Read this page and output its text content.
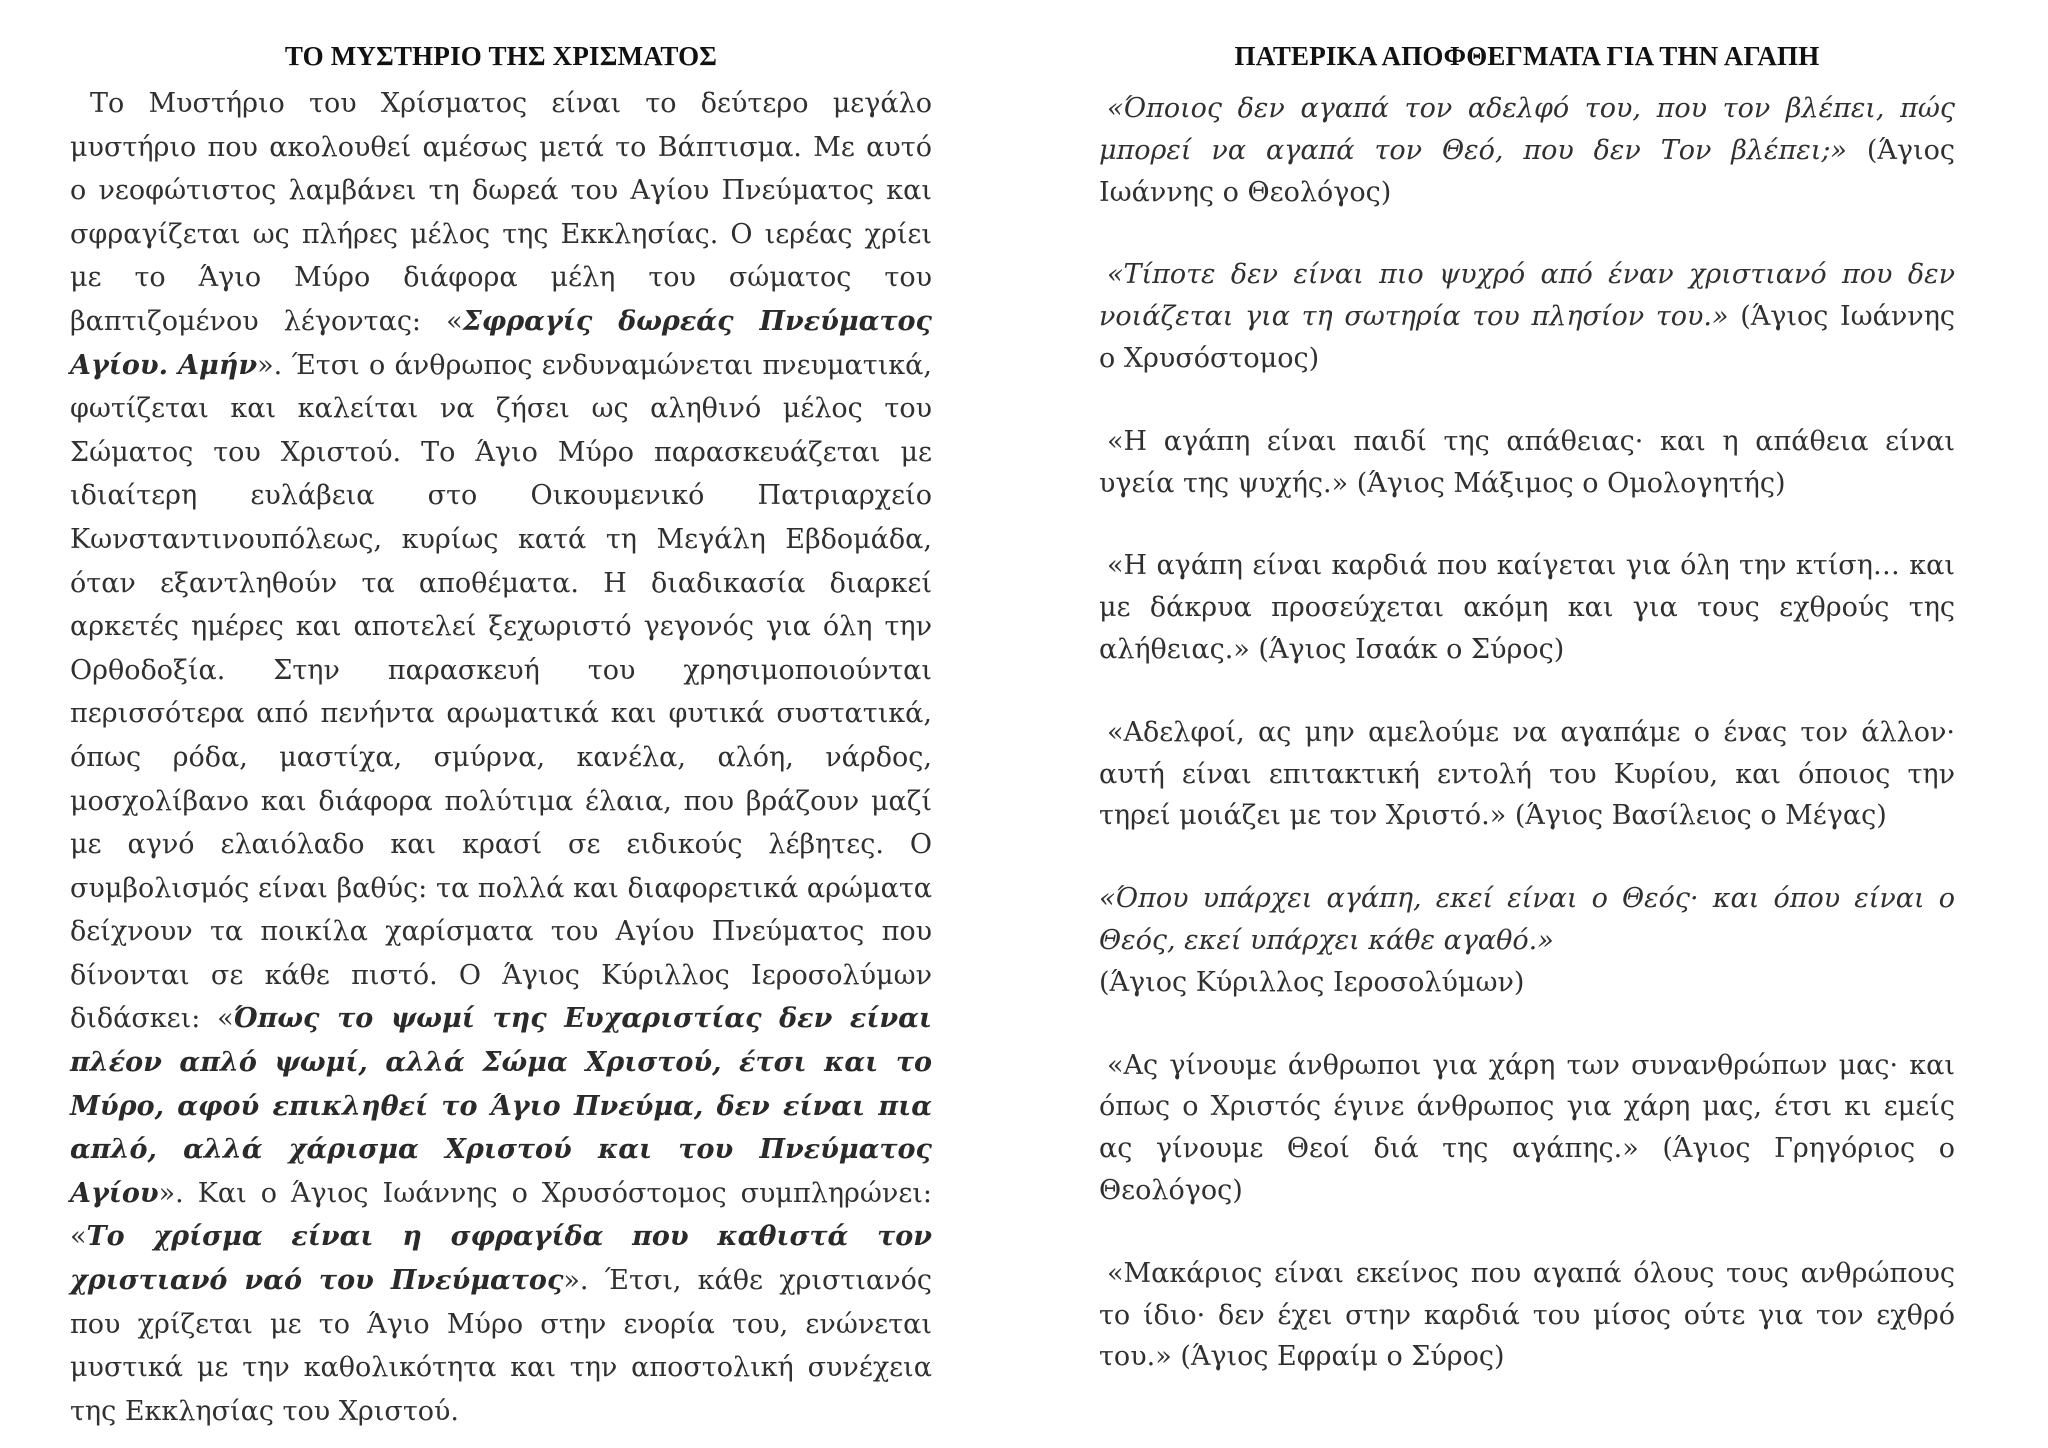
ΤΟ ΜΥΣΤΗΡΙΟ ΤΗΣ ΧΡΙΣΜΑΤΟΣ

Το Μυστήριο του Χρίσματος είναι το δεύτερο μεγάλο μυστήριο που ακολουθεί αμέσως μετά το Βάπτισμα. Με αυτό ο νεοφώτιστος λαμβάνει τη δωρεά του Αγίου Πνεύματος και σφραγίζεται ως πλήρες μέλος της Εκκλησίας. Ο ιερέας χρίει με το Άγιο Μύρο διάφορα μέλη του σώματος του βαπτιζομένου λέγοντας: «Σφραγίς δωρεάς Πνεύματος Αγίου. Αμήν». Έτσι ο άνθρωπος ενδυναμώνεται πνευματικά, φωτίζεται και καλείται να ζήσει ως αληθινό μέλος του Σώματος του Χριστού. Το Άγιο Μύρο παρασκευάζεται με ιδιαίτερη ευλάβεια στο Οικουμενικό Πατριαρχείο Κωνσταντινουπόλεως, κυρίως κατά τη Μεγάλη Εβδομάδα, όταν εξαντληθούν τα αποθέματα. Η διαδικασία διαρκεί αρκετές ημέρες και αποτελεί ξεχωριστό γεγονός για όλη την Ορθοδοξία. Στην παρασκευή του χρησιμοποιούνται περισσότερα από πενήντα αρωματικά και φυτικά συστατικά, όπως ρόδα, μαστίχα, σμύρνα, κανέλα, αλόη, νάρδος, μοσχολίβανο και διάφορα πολύτιμα έλαια, που βράζουν μαζί με αγνό ελαιόλαδο και κρασί σε ειδικούς λέβητες. Ο συμβολισμός είναι βαθύς: τα πολλά και διαφορετικά αρώματα δείχνουν τα ποικίλα χαρίσματα του Αγίου Πνεύματος που δίνονται σε κάθε πιστό. Ο Άγιος Κύριλλος Ιεροσολύμων διδάσκει: «Όπως το ψωμί της Ευχαριστίας δεν είναι πλέον απλό ψωμί, αλλά Σώμα Χριστού, έτσι και το Μύρο, αφού επικληθεί το Άγιο Πνεύμα, δεν είναι πια απλό, αλλά χάρισμα Χριστού και του Πνεύματος Αγίου». Και ο Άγιος Ιωάννης ο Χρυσόστομος συμπληρώνει: «Το χρίσμα είναι η σφραγίδα που καθιστά τον χριστιανό ναό του Πνεύματος». Έτσι, κάθε χριστιανός που χρίζεται με το Άγιο Μύρο στην ενορία του, ενώνεται μυστικά με την καθολικότητα και την αποστολική συνέχεια της Εκκλησίας του Χριστού.

ΠΑΤΕΡΙΚΑ ΑΠΟΦΘΕΓΜΑΤΑ ΓΙΑ ΤΗΝ ΑΓΑΠΗ

«Όποιος δεν αγαπά τον αδελφό του, που τον βλέπει, πώς μπορεί να αγαπά τον Θεό, που δεν Τον βλέπει;» (Άγιος Ιωάννης ο Θεολόγος)

«Τίποτε δεν είναι πιο ψυχρό από έναν χριστιανό που δεν νοιάζεται για τη σωτηρία του πλησίον του.» (Άγιος Ιωάννης ο Χρυσόστομος)

«Η αγάπη είναι παιδί της απάθειας· και η απάθεια είναι υγεία της ψυχής.» (Άγιος Μάξιμος ο Ομολογητής)

«Η αγάπη είναι καρδιά που καίγεται για όλη την κτίση… και με δάκρυα προσεύχεται ακόμη και για τους εχθρούς της αλήθειας.» (Άγιος Ισαάκ ο Σύρος)

«Αδελφοί, ας μην αμελούμε να αγαπάμε ο ένας τον άλλον· αυτή είναι επιτακτική εντολή του Κυρίου, και όποιος την τηρεί μοιάζει με τον Χριστό.» (Άγιος Βασίλειος ο Μέγας)

«Όπου υπάρχει αγάπη, εκεί είναι ο Θεός· και όπου είναι ο Θεός, εκεί υπάρχει κάθε αγαθό.»
(Άγιος Κύριλλος Ιεροσολύμων)

«Ας γίνουμε άνθρωποι για χάρη των συνανθρώπων μας· και όπως ο Χριστός έγινε άνθρωπος για χάρη μας, έτσι κι εμείς ας γίνουμε Θεοί διά της αγάπης.» (Άγιος Γρηγόριος ο Θεολόγος)

«Μακάριος είναι εκείνος που αγαπά όλους τους ανθρώπους το ίδιο· δεν έχει στην καρδιά του μίσος ούτε για τον εχθρό του.» (Άγιος Εφραίμ ο Σύρος)
